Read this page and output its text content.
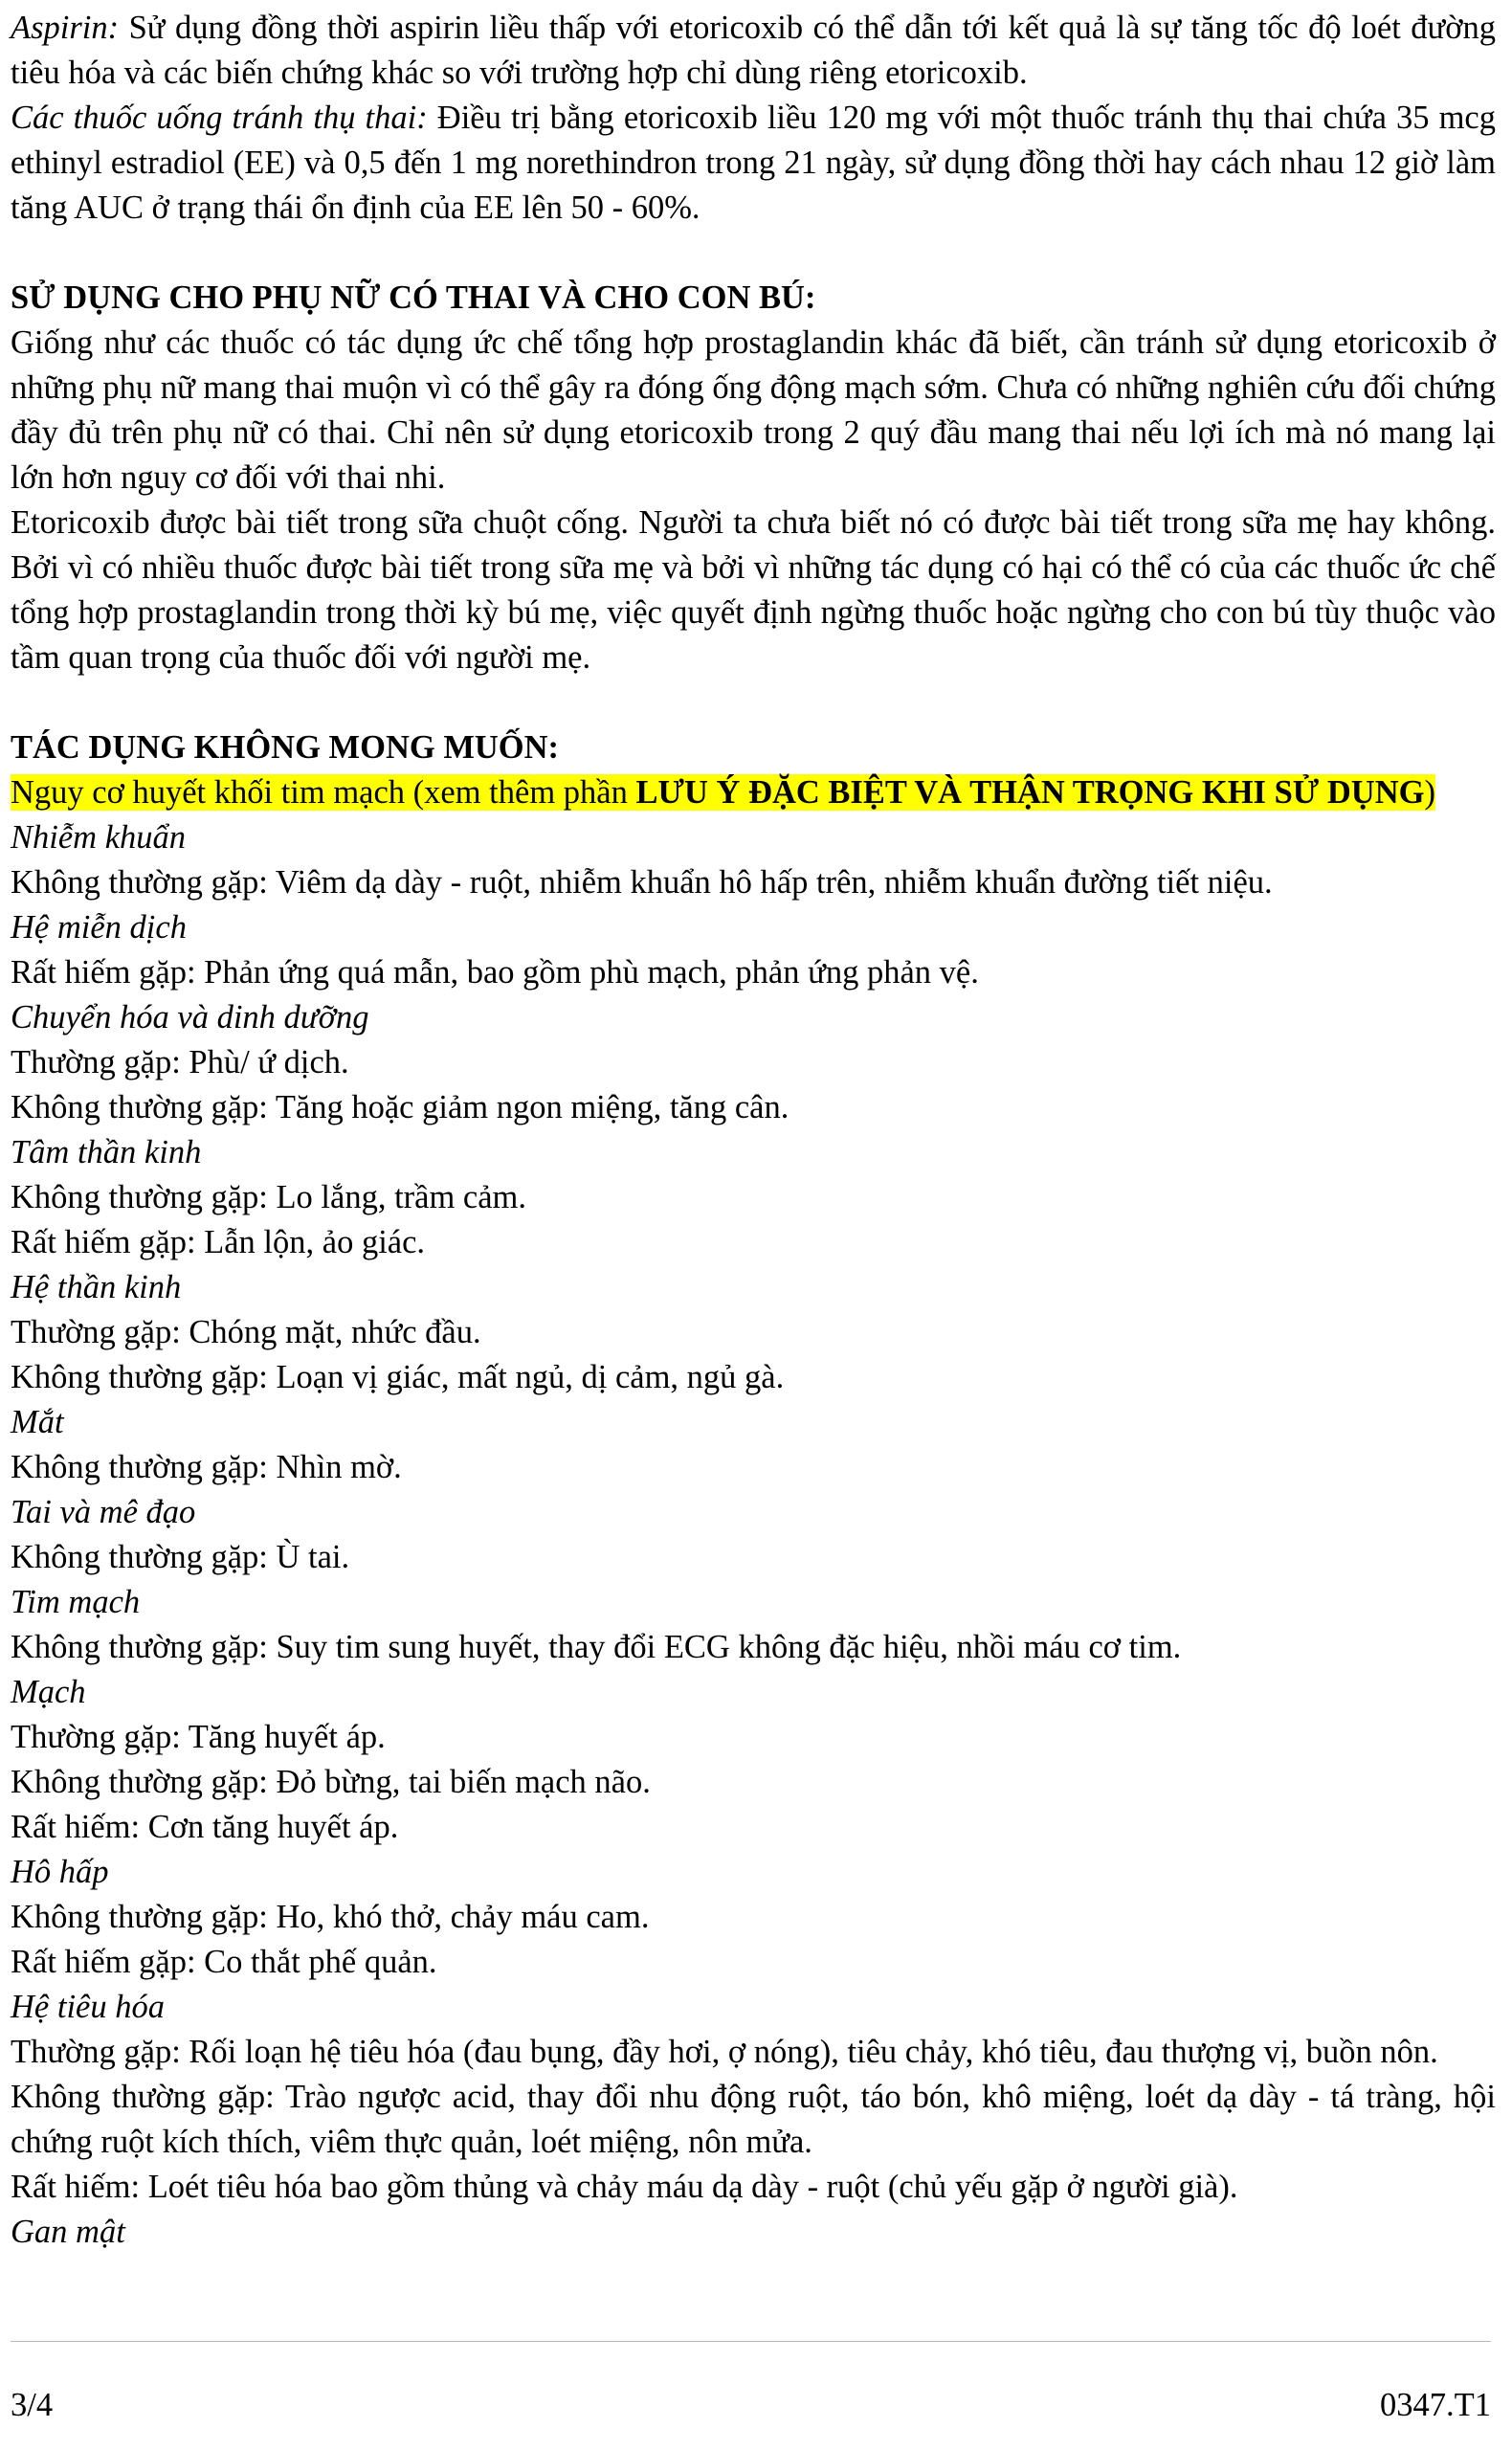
Aspirin: Sử dụng đồng thời aspirin liều thấp với etoricoxib có thể dẫn tới kết quả là sự tăng tốc độ loét đường tiêu hóa và các biến chứng khác so với trường hợp chỉ dùng riêng etoricoxib.

Các thuốc uống tránh thụ thai: Điều trị bằng etoricoxib liều 120 mg với một thuốc tránh thụ thai chứa 35 mcg ethinyl estradiol (EE) và 0,5 đến 1 mg norethindron trong 21 ngày, sử dụng đồng thời hay cách nhau 12 giờ làm tăng AUC ở trạng thái ổn định của EE lên 50 - 60%.

SỬ DỤNG CHO PHỤ NỮ CÓ THAI VÀ CHO CON BÚ:

Giống như các thuốc có tác dụng ức chế tổng hợp prostaglandin khác đã biết, cần tránh sử dụng etoricoxib ở những phụ nữ mang thai muộn vì có thể gây ra đóng ống động mạch sớm. Chưa có những nghiên cứu đối chứng đầy đủ trên phụ nữ có thai. Chỉ nên sử dụng etoricoxib trong 2 quý đầu mang thai nếu lợi ích mà nó mang lại lớn hơn nguy cơ đối với thai nhi.

Etoricoxib được bài tiết trong sữa chuột cống. Người ta chưa biết nó có được bài tiết trong sữa mẹ hay không. Bởi vì có nhiều thuốc được bài tiết trong sữa mẹ và bởi vì những tác dụng có hại có thể có của các thuốc ức chế tổng hợp prostaglandin trong thời kỳ bú mẹ, việc quyết định ngừng thuốc hoặc ngừng cho con bú tùy thuộc vào tầm quan trọng của thuốc đối với người mẹ.

TÁC DỤNG KHÔNG MONG MUỐN:

Nguy cơ huyết khối tim mạch (xem thêm phần LƯU Ý ĐẶC BIỆT VÀ THẬN TRỌNG KHI SỬ DỤNG)

Nhiễm khuẩn

Không thường gặp: Viêm dạ dày - ruột, nhiễm khuẩn hô hấp trên, nhiễm khuẩn đường tiết niệu.

Hệ miễn dịch

Rất hiếm gặp: Phản ứng quá mẫn, bao gồm phù mạch, phản ứng phản vệ.

Chuyển hóa và dinh dưỡng

Thường gặp: Phù/ ứ dịch.

Không thường gặp: Tăng hoặc giảm ngon miệng, tăng cân.

Tâm thần kinh

Không thường gặp: Lo lắng, trầm cảm.

Rất hiếm gặp: Lẫn lộn, ảo giác.

Hệ thần kinh

Thường gặp: Chóng mặt, nhức đầu.

Không thường gặp: Loạn vị giác, mất ngủ, dị cảm, ngủ gà.

Mắt

Không thường gặp: Nhìn mờ.

Tai và mê đạo

Không thường gặp: Ù tai.

Tim mạch

Không thường gặp: Suy tim sung huyết, thay đổi ECG không đặc hiệu, nhồi máu cơ tim.

Mạch

Thường gặp: Tăng huyết áp.

Không thường gặp: Đỏ bừng, tai biến mạch não.

Rất hiếm: Cơn tăng huyết áp.

Hô hấp

Không thường gặp: Ho, khó thở, chảy máu cam.

Rất hiếm gặp: Co thắt phế quản.

Hệ tiêu hóa

Thường gặp: Rối loạn hệ tiêu hóa (đau bụng, đầy hơi, ợ nóng), tiêu chảy, khó tiêu, đau thượng vị, buồn nôn.

Không thường gặp: Trào ngược acid, thay đổi nhu động ruột, táo bón, khô miệng, loét dạ dày - tá tràng, hội chứng ruột kích thích, viêm thực quản, loét miệng, nôn mửa.

Rất hiếm: Loét tiêu hóa bao gồm thủng và chảy máu dạ dày - ruột (chủ yếu gặp ở người già).

Gan mật

3/4	0347.T1
